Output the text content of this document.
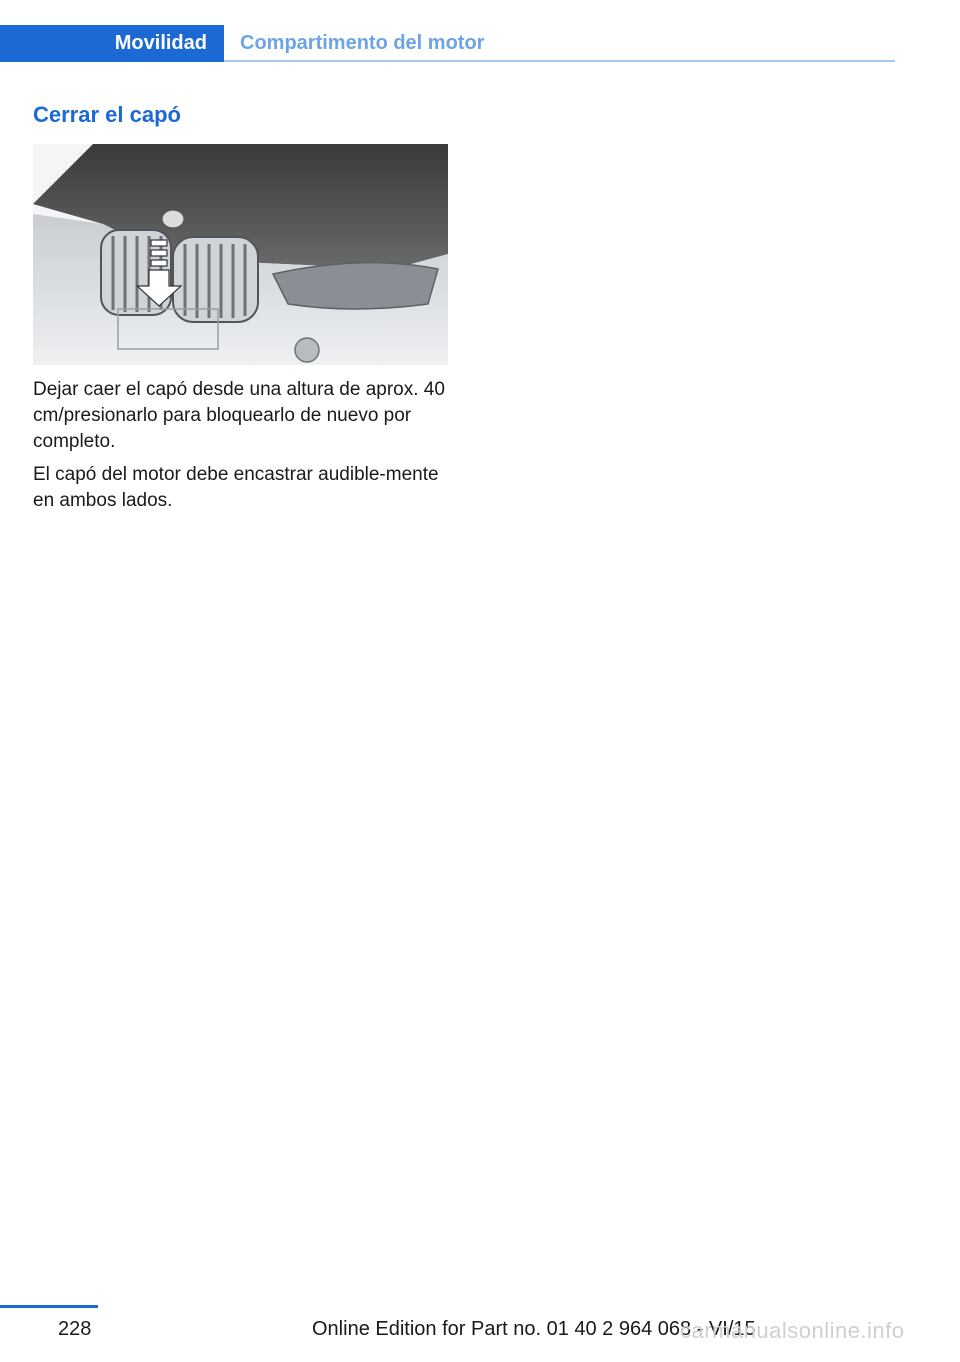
Movilidad Compartimento del motor
Cerrar el capó

Dejar caer el capó desde una altura de aprox. 40 cm/presionarlo para bloquearlo de nuevo por completo.

El capó del motor debe encastrar audible‐mente en ambos lados.

228	Online Edition for Part no. 01 40 2 964 068 - VI/15
carmanualsonline.info
